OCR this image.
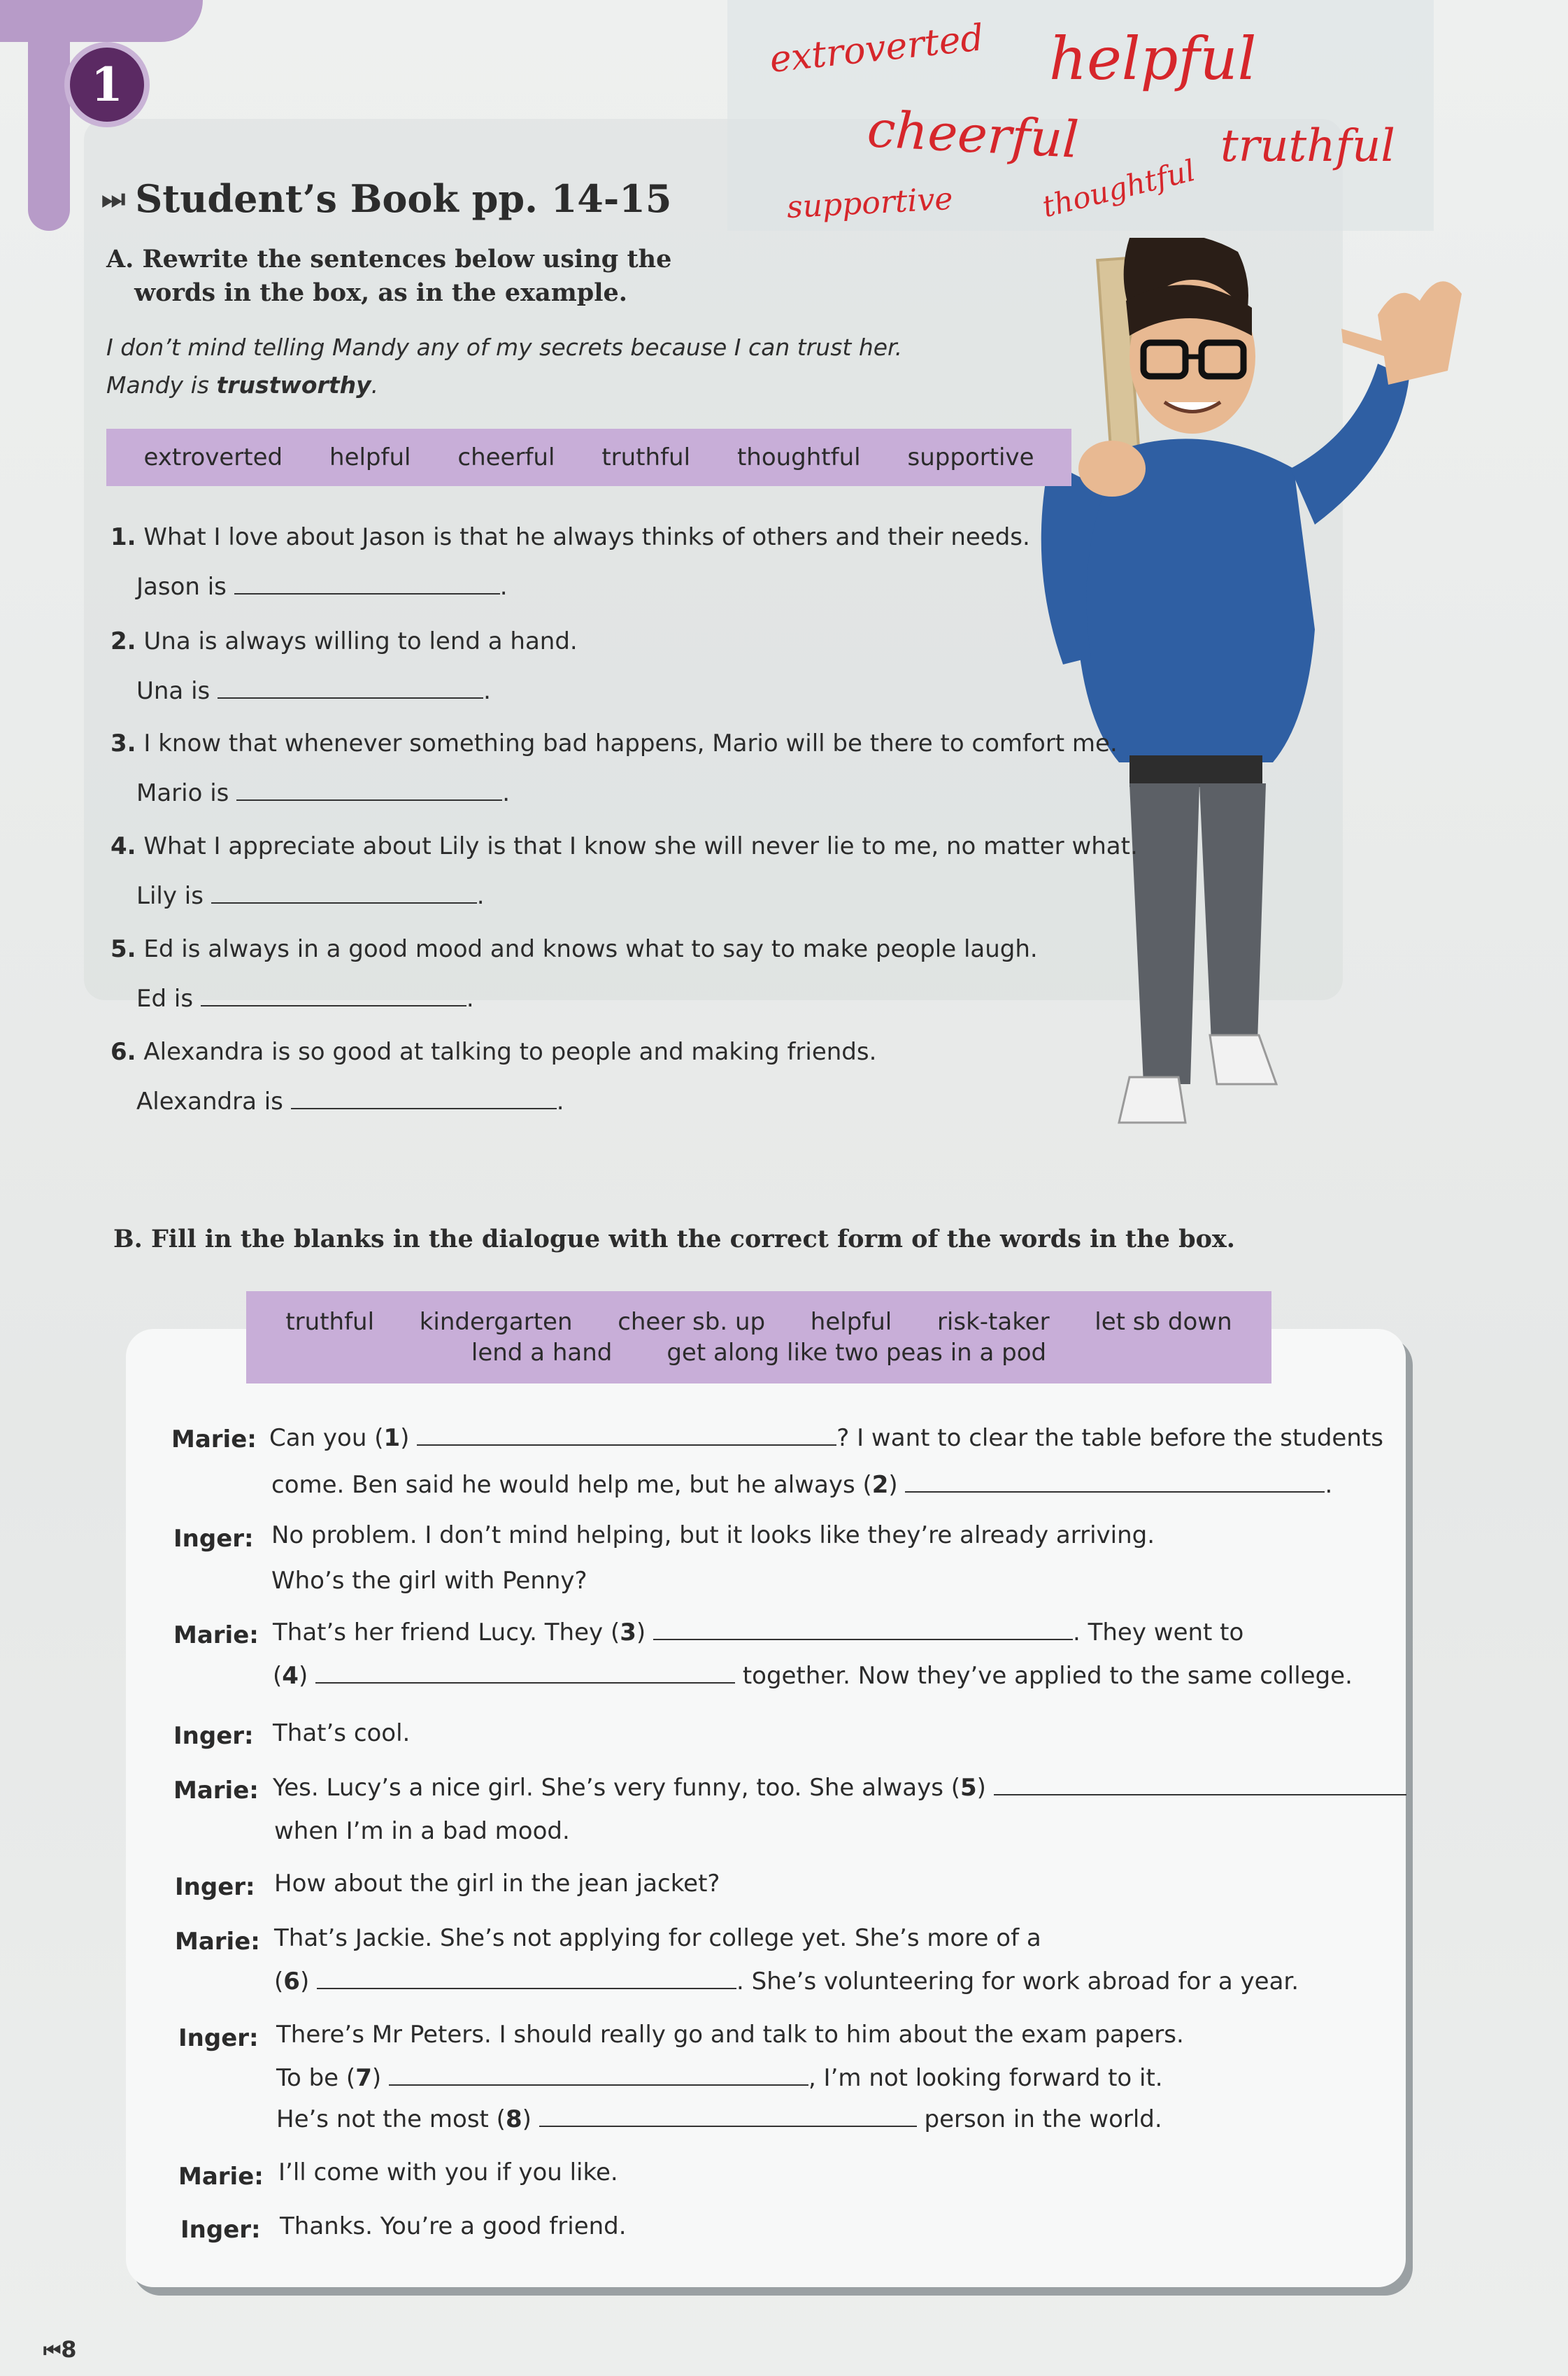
1
extroverted helpful
cheerful	truthful
supportive	thoughtful
⏭ Student’s Book pp. 14-15
A. Rewrite the sentences below using the
words in the box, as in the example.
I don’t mind telling Mandy any of my secrets because I can trust her.
Mandy is trustworthy.
extroverted helpful cheerful truthful thoughtful supportive
1. What I love about Jason is that he always thinks of others and their needs.
Jason is	.
2. Una is always willing to lend a hand.
Una is	.
3. I know that whenever something bad happens, Mario will be there to comfort me.
Mario is	.
4. What I appreciate about Lily is that I know she will never lie to me, no matter what.
Lily is	.
5. Ed is always in a good mood and knows what to say to make people laugh.
Ed is	.
6. Alexandra is so good at talking to people and making friends.
Alexandra is	.
B. Fill in the blanks in the dialogue with the correct form of the words in the box.
truthful kindergarten cheer sb. up helpful risk-taker let sb down
lend a hand get along like two peas in a pod
Marie: Can you (1)	? I want to clear the table before the students
come. Ben said he would help me, but he always (2)	.
Inger: No problem. I don’t mind helping, but it looks like they’re already arriving.
Who’s the girl with Penny?
Marie: That’s her friend Lucy. They (3)	. They went to
(4)	together. Now they’ve applied to the same college.
Inger: That’s cool.
Marie: Yes. Lucy’s a nice girl. She’s very funny, too. She always (5)
when I’m in a bad mood.
Inger: How about the girl in the jean jacket?
Marie: That’s Jackie. She’s not applying for college yet. She’s more of a
(6)	. She’s volunteering for work abroad for a year.
Inger: There’s Mr Peters. I should really go and talk to him about the exam papers.
To be (7)	, I’m not looking forward to it.
He’s not the most (8)	person in the world.
Marie: I’ll come with you if you like.
Inger: Thanks. You’re a good friend.
⏮8
